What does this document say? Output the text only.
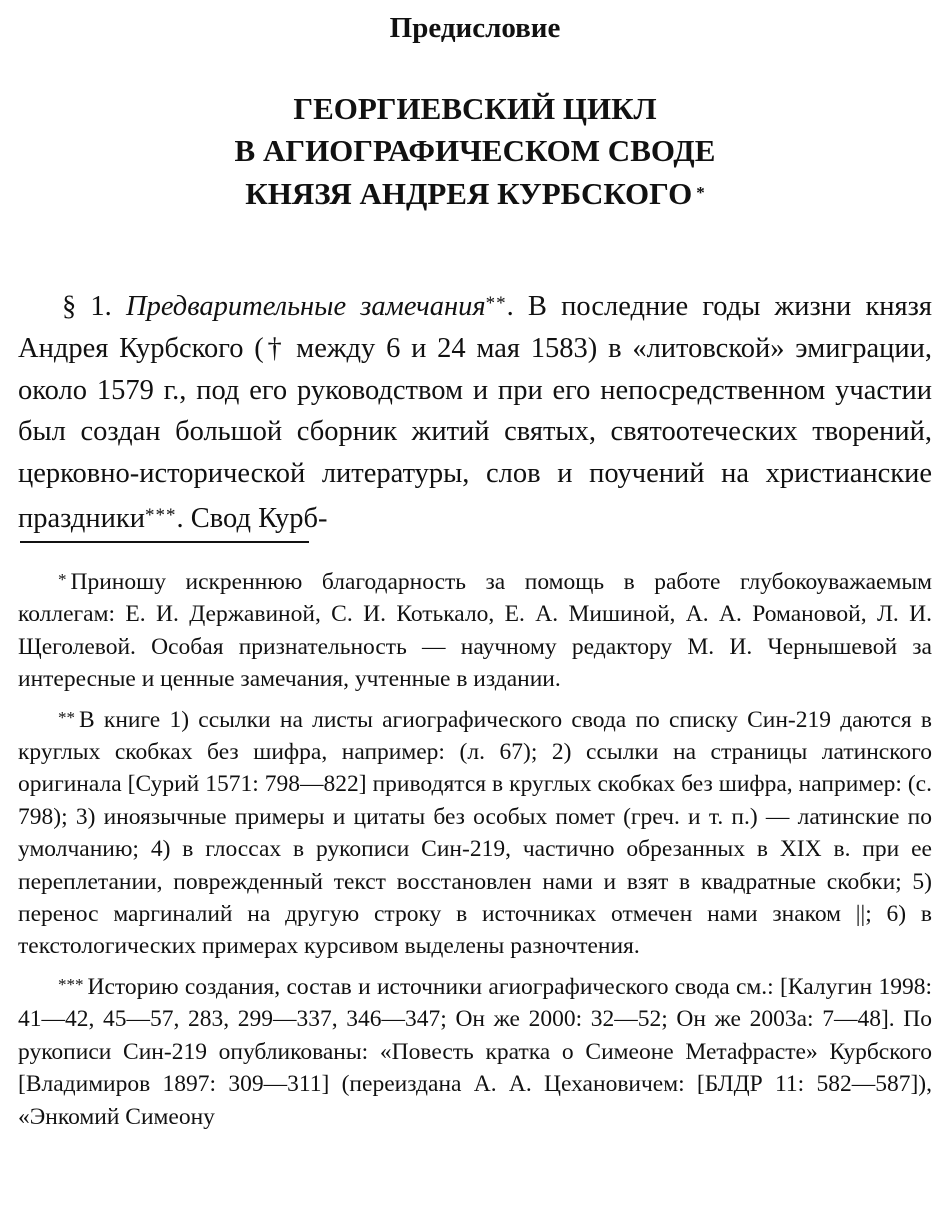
Предисловие
ГЕОРГИЕВСКИЙ ЦИКЛ
В АГИОГРАФИЧЕСКОМ СВОДЕ
КНЯЗЯ АНДРЕЯ КУРБСКОГО *

§ 1. Предварительные замечания**. В последние годы жизни князя Андрея Курбского († между 6 и 24 мая 1583) в «литовской» эмиграции, около 1579 г., под его руководством и при его непосредственном участии был создан большой сборник житий святых, святоотеческих творений, церковно-исторической литературы, слов и поучений на христианские праздники***. Свод Курб-

* Приношу искреннюю благодарность за помощь в работе глубокоуважаемым коллегам: Е. И. Державиной, С. И. Котькало, Е. А. Мишиной, А. А. Романовой, Л. И. Щеголевой. Особая признательность — научному редактору М. И. Чернышевой за интересные и ценные замечания, учтенные в издании.

** В книге 1) ссылки на листы агиографического свода по списку Син-219 даются в круглых скобках без шифра, например: (л. 67); 2) ссылки на страницы латинского оригинала [Сурий 1571: 798—822] приводятся в круглых скобках без шифра, например: (с. 798); 3) иноязычные примеры и цитаты без особых помет (греч. и т. п.) — латинские по умолчанию; 4) в глоссах в рукописи Син-219, частично обрезанных в XIX в. при ее переплетании, поврежденный текст восстановлен нами и взят в квадратные скобки; 5) перенос маргиналий на другую строку в источниках отмечен нами знаком ||; 6) в текстологических примерах курсивом выделены разночтения.

*** Историю создания, состав и источники агиографического свода см.: [Калугин 1998: 41—42, 45—57, 283, 299—337, 346—347; Он же 2000: 32—52; Он же 2003а: 7—48]. По рукописи Син-219 опубликованы: «Повесть кратка о Симеоне Метафрасте» Курбского [Владимиров 1897: 309—311] (переиздана А. А. Цехановичем: [БЛДР 11: 582—587]), «Энкомий Симеону
